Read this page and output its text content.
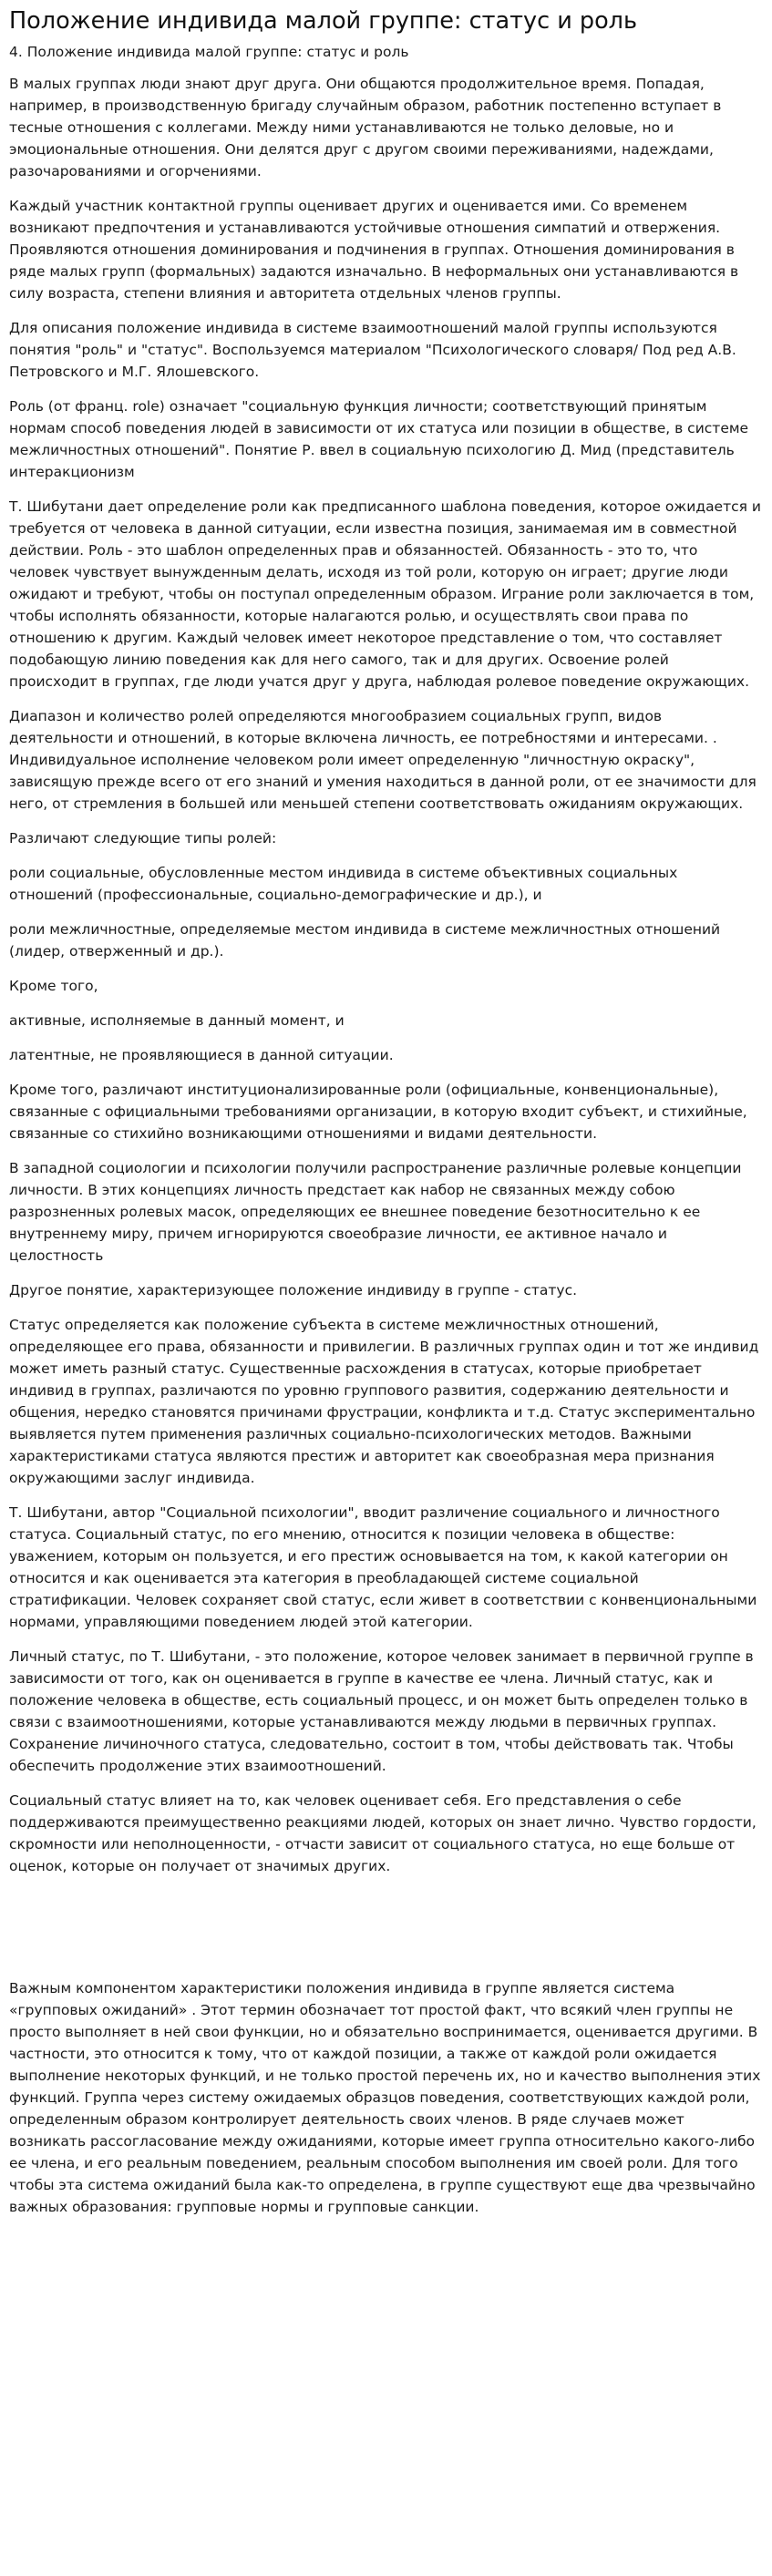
Положение индивида малой группе: статус и роль
4. Положение индивида малой группе: статус и роль

В малых группах люди знают друг друга. Они общаются продолжительное время. Попадая, например, в производственную бригаду случайным образом, работник постепенно вступает в тесные отношения с коллегами. Между ними устанавливаются не только деловые, но и эмоциональные отношения. Они делятся друг с другом своими переживаниями, надеждами, разочарованиями и огорчениями.

Каждый участник контактной группы оценивает других и оценивается ими. Со временем возникают предпочтения и устанавливаются устойчивые отношения симпатий и отвержения. Проявляются отношения доминирования и подчинения в группах. Отношения доминирования в ряде малых групп (формальных) задаются изначально. В неформальных они устанавливаются в силу возраста, степени влияния и авторитета отдельных членов группы.

Для описания положение индивида в системе взаимоотношений малой группы используются понятия "роль" и "статус". Воспользуемся материалом "Психологического словаря/ Под ред А.В. Петровского и М.Г. Ялошевского.

Роль (от франц. role) означает "социальную функция личности; соответствующий принятым нормам способ поведения людей в зависимости от их статуса или позиции в обществе, в системе межличностных отношений". Понятие Р. ввел в социальную психологию Д. Мид (представитель интеракционизм

Т. Шибутани дает определение роли как предписанного шаблона поведения, которое ожидается и требуется от человека в данной ситуации, если известна позиция, занимаемая им в совместной действии. Роль - это шаблон определенных прав и обязанностей. Обязанность - это то, что человек чувствует вынужденным делать, исходя из той роли, которую он играет; другие люди ожидают и требуют, чтобы он поступал определенным образом. Играние роли заключается в том, чтобы исполнять обязанности, которые налагаются ролью, и осуществлять свои права по отношению к другим. Каждый человек имеет некоторое представление о том, что составляет подобающую линию поведения как для него самого, так и для других. Освоение ролей происходит в группах, где люди учатся друг у друга, наблюдая ролевое поведение окружающих.

Диапазон и количество ролей определяются многообразием социальных групп, видов деятельности и отношений, в которые включена личность, ее потребностями и интересами. . Индивидуальное исполнение человеком роли имеет определенную "личностную окраску", зависящую прежде всего от его знаний и умения находиться в данной роли, от ее значимости для него, от стремления в большей или меньшей степени соответствовать ожиданиям окружающих.

Различают следующие типы ролей:

роли социальные, обусловленные местом индивида в системе объективных социальных отношений (профессиональные, социально-демографические и др.), и

роли межличностные, определяемые местом индивида в системе межличностных отношений (лидер, отверженный и др.).

Кроме того,

активные, исполняемые в данный момент, и

латентные, не проявляющиеся в данной ситуации.

Кроме того, различают институционализированные роли (официальные, конвенциональные), связанные с официальными требованиями организации, в которую входит субъект, и стихийные, связанные со стихийно возникающими отношениями и видами деятельности.

В западной социологии и психологии получили распространение различные ролевые концепции личности. В этих концепциях личность предстает как набор не связанных между собою разрозненных ролевых масок, определяющих ее внешнее поведение безотносительно к ее внутреннему миру, причем игнорируются своеобразие личности, ее активное начало и целостность

Другое понятие, характеризующее положение индивиду в группе - статус.

Статус определяется как положение субъекта в системе межличностных отношений, определяющее его права, обязанности и привилегии. В различных группах один и тот же индивид может иметь разный статус. Существенные расхождения в статусах, которые приобретает индивид в группах, различаются по уровню группового развития, содержанию деятельности и общения, нередко становятся причинами фрустрации, конфликта и т.д. Статус экспериментально выявляется путем применения различных социально-психологических методов. Важными характеристиками статуса являются престиж и авторитет как своеобразная мера признания окружающими заслуг индивида.

Т. Шибутани, автор "Социальной психологии", вводит различение социального и личностного статуса. Социальный статус, по его мнению, относится к позиции человека в обществе: уважением, которым он пользуется, и его престиж основывается на том, к какой категории он относится и как оценивается эта категория в преобладающей системе социальной стратификации. Человек сохраняет свой статус, если живет в соответствии с конвенциональными нормами, управляющими поведением людей этой категории.

Личный статус, по Т. Шибутани, - это положение, которое человек занимает в первичной группе в зависимости от того, как он оценивается в группе в качестве ее члена. Личный статус, как и положение человека в обществе, есть социальный процесс, и он может быть определен только в связи с взаимоотношениями, которые устанавливаются между людьми в первичных группах. Сохранение личиночного статуса, следовательно, состоит в том, чтобы действовать так. Чтобы обеспечить продолжение этих взаимоотношений.

Социальный статус влияет на то, как человек оценивает себя. Его представления о себе поддерживаются преимущественно реакциями людей, которых он знает лично. Чувство гордости, скромности или неполноценности, - отчасти зависит от социального статуса, но еще больше от оценок, которые он получает от значимых других.

Важным компонентом характеристики положения индивида в группе является система «групповых ожиданий» . Этот термин обозначает тот простой факт, что всякий член группы не просто выполняет в ней свои функции, но и обязательно воспринимается, оценивается другими. В частности, это относится к тому, что от каждой позиции, а также от каждой роли ожидается выполнение некоторых функций, и не только простой перечень их, но и качество выполнения этих функций. Группа через систему ожидаемых образцов поведения, соответствующих каждой роли, определенным образом контролирует деятельность своих членов. В ряде случаев может возникать рассогласование между ожиданиями, которые имеет группа относительно какого-либо ее члена, и его реальным поведением, реальным способом выполнения им своей роли. Для того чтобы эта система ожиданий была как-то определена, в группе существуют еще два чрезвычайно важных образования: групповые нормы и групповые санкции.
